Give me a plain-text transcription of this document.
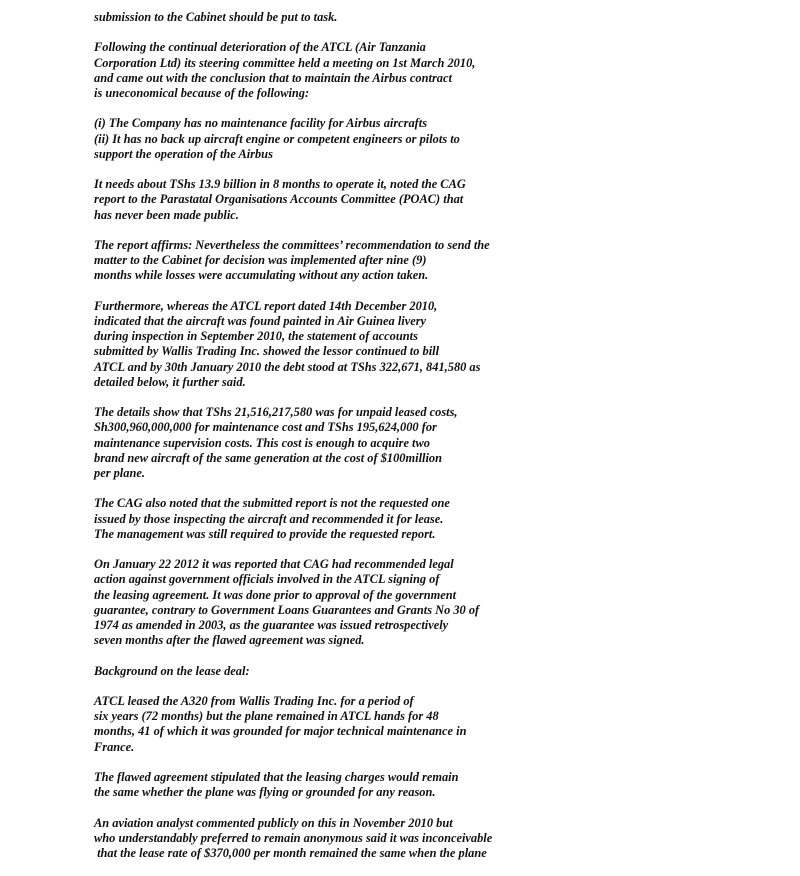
submission to the Cabinet should be put to task.

Following the continual deterioration of the ATCL (Air Tanzania
Corporation Ltd) its steering committee held a meeting on 1st March 2010,
and came out with the conclusion that to maintain the Airbus contract
is uneconomical because of the following:

(i) The Company has no maintenance facility for Airbus aircrafts
(ii) It has no back up aircraft engine or competent engineers or pilots to
support the operation of the Airbus

It needs about TShs 13.9 billion in 8 months to operate it, noted the CAG
report to the Parastatal Organisations Accounts Committee (POAC) that
has never been made public.

The report affirms: Nevertheless the committees’ recommendation to send the
matter to the Cabinet for decision was implemented after nine (9)
months while losses were accumulating without any action taken.

Furthermore, whereas the ATCL report dated 14th December 2010,
indicated that the aircraft was found painted in Air Guinea livery
during inspection in September 2010, the statement of accounts
submitted by Wallis Trading Inc. showed the lessor continued to bill
ATCL and by 30th January 2010 the debt stood at TShs 322,671, 841,580 as
detailed below, it further said.

The details show that TShs 21,516,217,580 was for unpaid leased costs,
Sh300,960,000,000 for maintenance cost and TShs 195,624,000 for
maintenance supervision costs. This cost is enough to acquire two
brand new aircraft of the same generation at the cost of $100million
per plane.

The CAG also noted that the submitted report is not the requested one
issued by those inspecting the aircraft and recommended it for lease.
The management was still required to provide the requested report.

On January 22 2012 it was reported that CAG had recommended legal
action against government officials involved in the ATCL signing of
the leasing agreement. It was done prior to approval of the government
guarantee, contrary to Government Loans Guarantees and Grants No 30 of
1974 as amended in 2003, as the guarantee was issued retrospectively
seven months after the flawed agreement was signed.

Background on the lease deal:

ATCL leased the A320 from Wallis Trading Inc. for a period of
six years (72 months) but the plane remained in ATCL hands for 48
months, 41 of which it was grounded for major technical maintenance in
France.

The flawed agreement stipulated that the leasing charges would remain
the same whether the plane was flying or grounded for any reason.

An aviation analyst commented publicly on this in November 2010 but
who understandably preferred to remain anonymous said it was inconceivable
that the lease rate of $370,000 per month remained the same when the plane
